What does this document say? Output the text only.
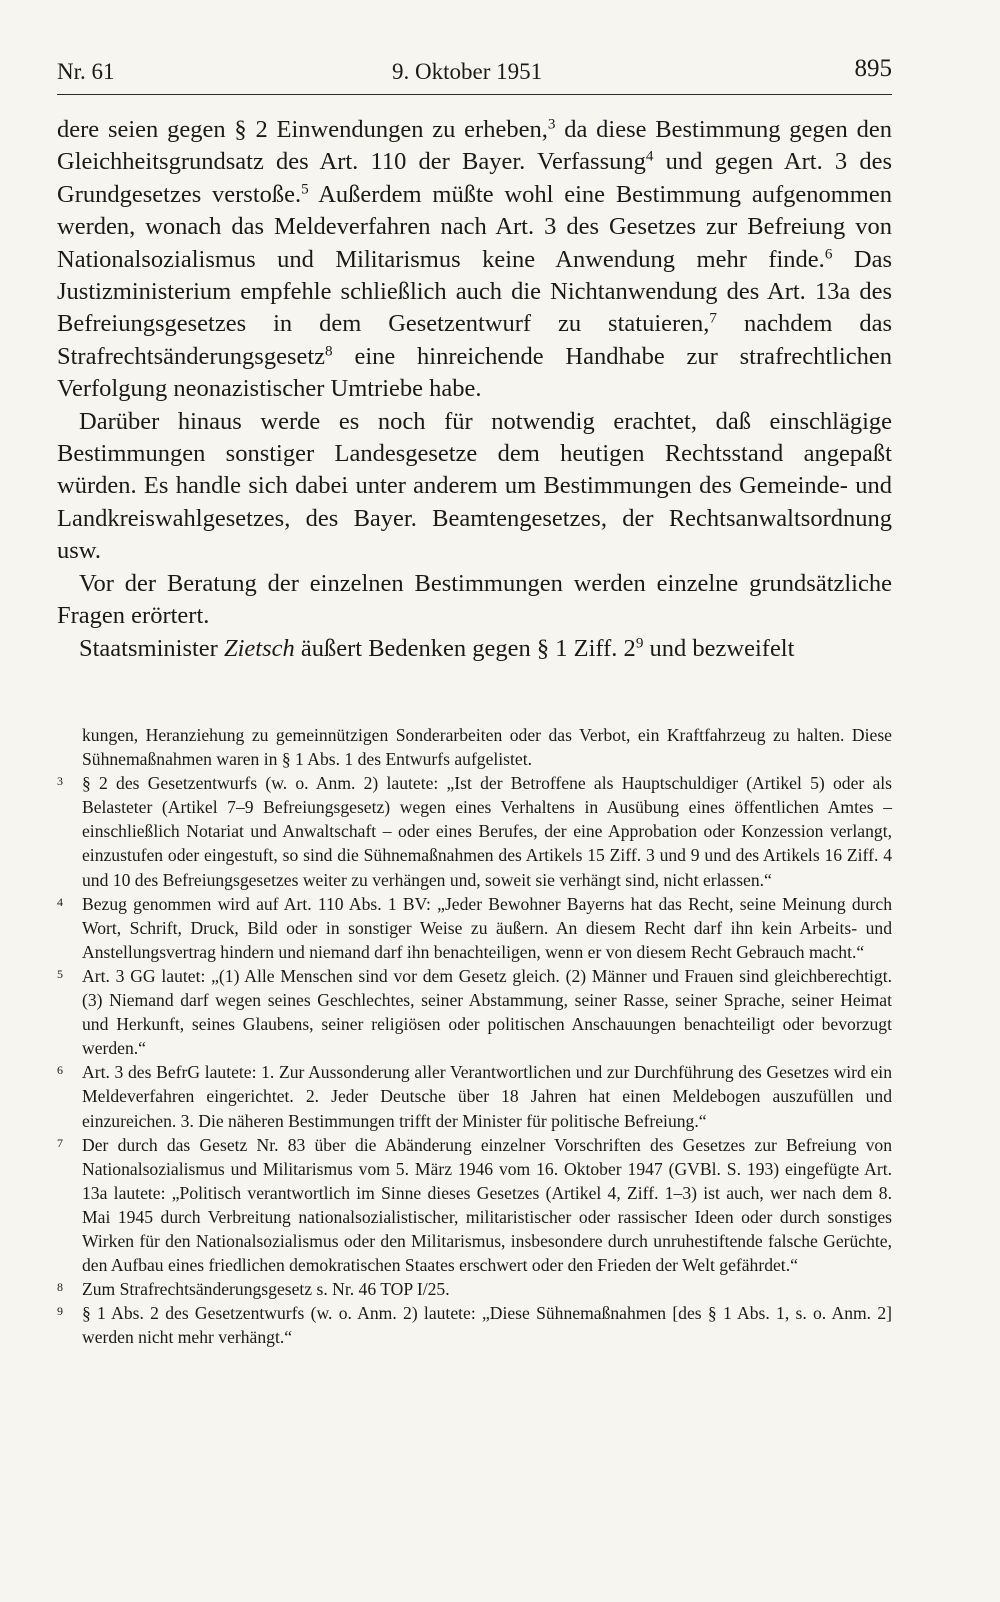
Nr. 61	9. Oktober 1951	895

dere seien gegen § 2 Einwendungen zu erheben,$^3$ da diese Bestimmung gegen den Gleichheitsgrundsatz des Art. 110 der Bayer. Verfassung$^4$ und gegen Art. 3 des Grundgesetzes verstoße.$^5$ Außerdem müßte wohl eine Bestimmung aufgenommen werden, wonach das Meldeverfahren nach Art. 3 des Gesetzes zur Befreiung von Nationalsozialismus und Militarismus keine Anwendung mehr finde.$^6$ Das Justizministerium empfehle schließlich auch die Nichtanwendung des Art. 13a des Befreiungsgesetzes in dem Gesetzentwurf zu statuieren,$^7$ nachdem das Strafrechtsänderungsgesetz$^8$ eine hinreichende Handhabe zur strafrechtlichen Verfolgung neonazistischer Umtriebe habe.

Darüber hinaus werde es noch für notwendig erachtet, daß einschlägige Bestimmungen sonstiger Landesgesetze dem heutigen Rechtsstand angepaßt würden. Es handle sich dabei unter anderem um Bestimmungen des Gemeinde- und Landkreiswahlgesetzes, des Bayer. Beamtengesetzes, der Rechtsanwaltsordnung usw.

Vor der Beratung der einzelnen Bestimmungen werden einzelne grundsätzliche Fragen erörtert.

Staatsminister Zietsch äußert Bedenken gegen § 1 Ziff. $2^9$ und bezweifelt

kungen, Heranziehung zu gemeinnützigen Sonderarbeiten oder das Verbot, ein Kraftfahrzeug zu halten. Diese Sühnemaßnahmen waren in § 1 Abs. 1 des Entwurfs aufgelistet.

3 § 2 des Gesetzentwurfs (w. o. Anm. 2) lautete: „Ist der Betroffene als Hauptschuldiger (Artikel 5) oder als Belasteter (Artikel 7–9 Befreiungsgesetz) wegen eines Verhaltens in Ausübung eines öffentlichen Amtes – einschließlich Notariat und Anwaltschaft – oder eines Berufes, der eine Approbation oder Konzession verlangt, einzustufen oder eingestuft, so sind die Sühnemaßnahmen des Artikels 15 Ziff. 3 und 9 und des Artikels 16 Ziff. 4 und 10 des Befreiungsgesetzes weiter zu verhängen und, soweit sie verhängt sind, nicht erlassen.“
4 Bezug genommen wird auf Art. 110 Abs. 1 BV: „Jeder Bewohner Bayerns hat das Recht, seine Meinung durch Wort, Schrift, Druck, Bild oder in sonstiger Weise zu äußern. An diesem Recht darf ihn kein Arbeits- und Anstellungsvertrag hindern und niemand darf ihn benachteiligen, wenn er von diesem Recht Gebrauch macht.“
5 Art. 3 GG lautet: „(1) Alle Menschen sind vor dem Gesetz gleich. (2) Männer und Frauen sind gleichberechtigt. (3) Niemand darf wegen seines Geschlechtes, seiner Abstammung, seiner Rasse, seiner Sprache, seiner Heimat und Herkunft, seines Glaubens, seiner religiösen oder politischen Anschauungen benachteiligt oder bevorzugt werden.“
6 Art. 3 des BefrG lautete: 1. Zur Aussonderung aller Verantwortlichen und zur Durchführung des Gesetzes wird ein Meldeverfahren eingerichtet. 2. Jeder Deutsche über 18 Jahren hat einen Meldebogen auszufüllen und einzureichen. 3. Die näheren Bestimmungen trifft der Minister für politische Befreiung.“
7 Der durch das Gesetz Nr. 83 über die Abänderung einzelner Vorschriften des Gesetzes zur Befreiung von Nationalsozialismus und Militarismus vom 5. März 1946 vom 16. Oktober 1947 (GVBl. S. 193) eingefügte Art. 13a lautete: „Politisch verantwortlich im Sinne dieses Gesetzes (Artikel 4, Ziff. 1–3) ist auch, wer nach dem 8. Mai 1945 durch Verbreitung nationalsozialistischer, militaristischer oder rassischer Ideen oder durch sonstiges Wirken für den Nationalsozialismus oder den Militarismus, insbesondere durch unruhestiftende falsche Gerüchte, den Aufbau eines friedlichen demokratischen Staates erschwert oder den Frieden der Welt gefährdet.“
8 Zum Strafrechtsänderungsgesetz s. Nr. 46 TOP I/25.
9 § 1 Abs. 2 des Gesetzentwurfs (w. o. Anm. 2) lautete: „Diese Sühnemaßnahmen [des § 1 Abs. 1, s. o. Anm. 2] werden nicht mehr verhängt.“
